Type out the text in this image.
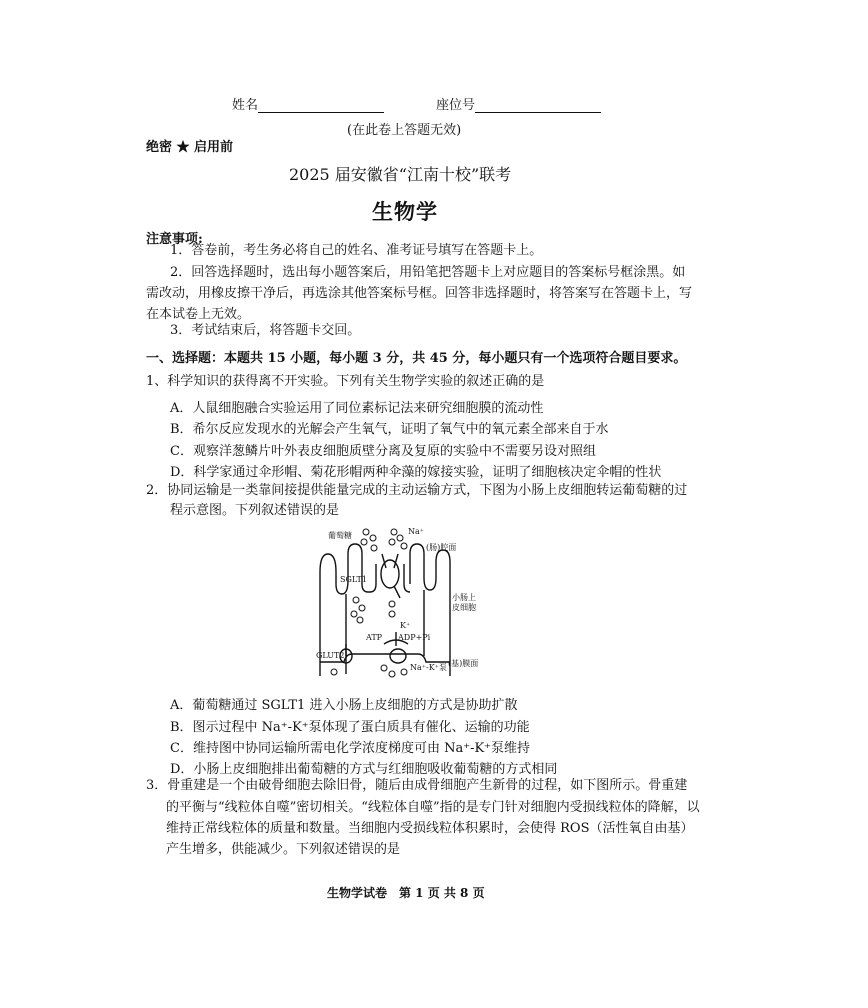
姓名	座位号
(在此卷上答题无效)
绝密 ★ 启用前
2025 届安徽省“江南十校”联考
生物学
注意事项:
1．答卷前，考生务必将自己的姓名、准考证号填写在答题卡上。
2．回答选择题时，选出每小题答案后，用铅笔把答题卡上对应题目的答案标号框涂黑。如
需改动，用橡皮擦干净后，再选涂其他答案标号框。回答非选择题时，将答案写在答题卡上，写
在本试卷上无效。
3．考试结束后，将答题卡交回。
一、选择题：本题共 15 小题，每小题 3 分，共 45 分，每小题只有一个选项符合题目要求。
1、科学知识的获得离不开实验。下列有关生物学实验的叙述正确的是
A．人鼠细胞融合实验运用了同位素标记法来研究细胞膜的流动性
B．希尔反应发现水的光解会产生氧气，证明了氧气中的氧元素全部来自于水
C．观察洋葱鳞片叶外表皮细胞质壁分离及复原的实验中不需要另设对照组
D．科学家通过伞形帽、菊花形帽两种伞藻的嫁接实验，证明了细胞核决定伞帽的性状
2．协同运输是一类靠间接提供能量完成的主动运输方式，下图为小肠上皮细胞转运葡萄糖的过
程示意图。下列叙述错误的是
葡萄糖	Na⁺
(肠)腔面
SGLT1
小肠上
皮细胞
K⁺
ATP ADP+Pi
GLUT2
Na⁺-K⁺泵 (基)膜面
A．葡萄糖通过 SGLT1 进入小肠上皮细胞的方式是协助扩散
B．图示过程中 Na⁺-K⁺泵体现了蛋白质具有催化、运输的功能
C．维持图中协同运输所需电化学浓度梯度可由 Na⁺-K⁺泵维持
D．小肠上皮细胞排出葡萄糖的方式与红细胞吸收葡萄糖的方式相同
3．骨重建是一个由破骨细胞去除旧骨，随后由成骨细胞产生新骨的过程，如下图所示。骨重建
的平衡与“线粒体自噬”密切相关。“线粒体自噬”指的是专门针对细胞内受损线粒体的降解，以
维持正常线粒体的质量和数量。当细胞内受损线粒体积累时，会使得 ROS（活性氧自由基）
产生增多，供能减少。下列叙述错误的是
生物学试卷　第 1 页 共 8 页
